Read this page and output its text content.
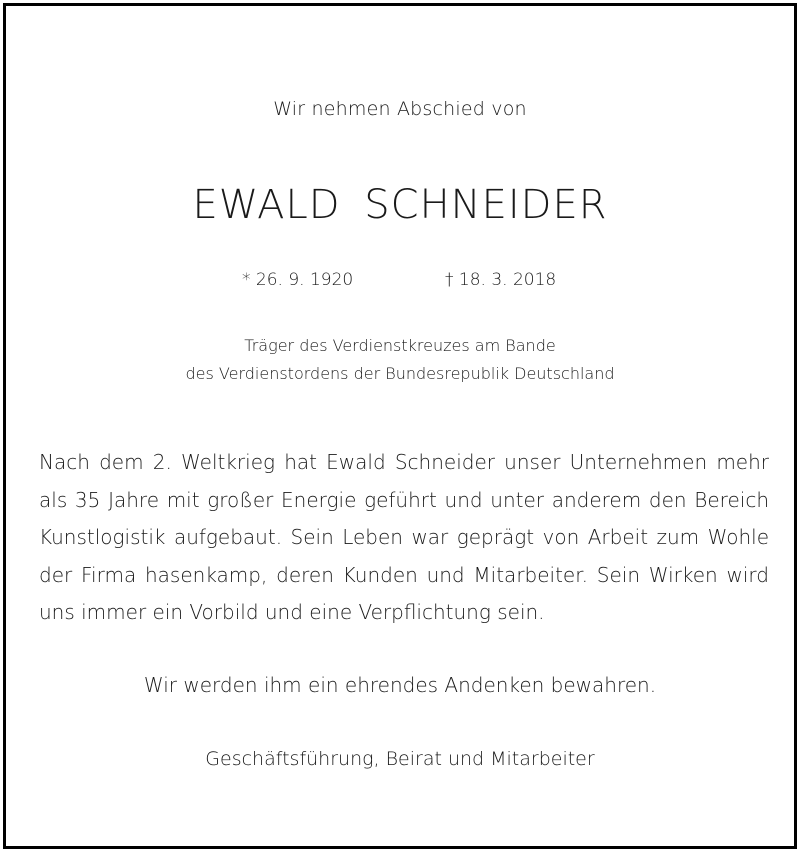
Wir nehmen Abschied von
EWALD SCHNEIDER
* 26. 9. 1920	† 18. 3. 2018
Träger des Verdienstkreuzes am Bande
des Verdienstordens der Bundesrepublik Deutschland
Nach dem 2. Weltkrieg hat Ewald Schneider unser Unternehmen mehr als 35 Jahre mit großer Energie geführt und unter anderem den Bereich Kunstlogistik aufgebaut. Sein Leben war geprägt von Arbeit zum Wohle der Firma hasenkamp, deren Kunden und Mitarbeiter. Sein Wirken wird uns immer ein Vorbild und eine Verpflichtung sein.
Wir werden ihm ein ehrendes Andenken bewahren.
Geschäftsführung, Beirat und Mitarbeiter
